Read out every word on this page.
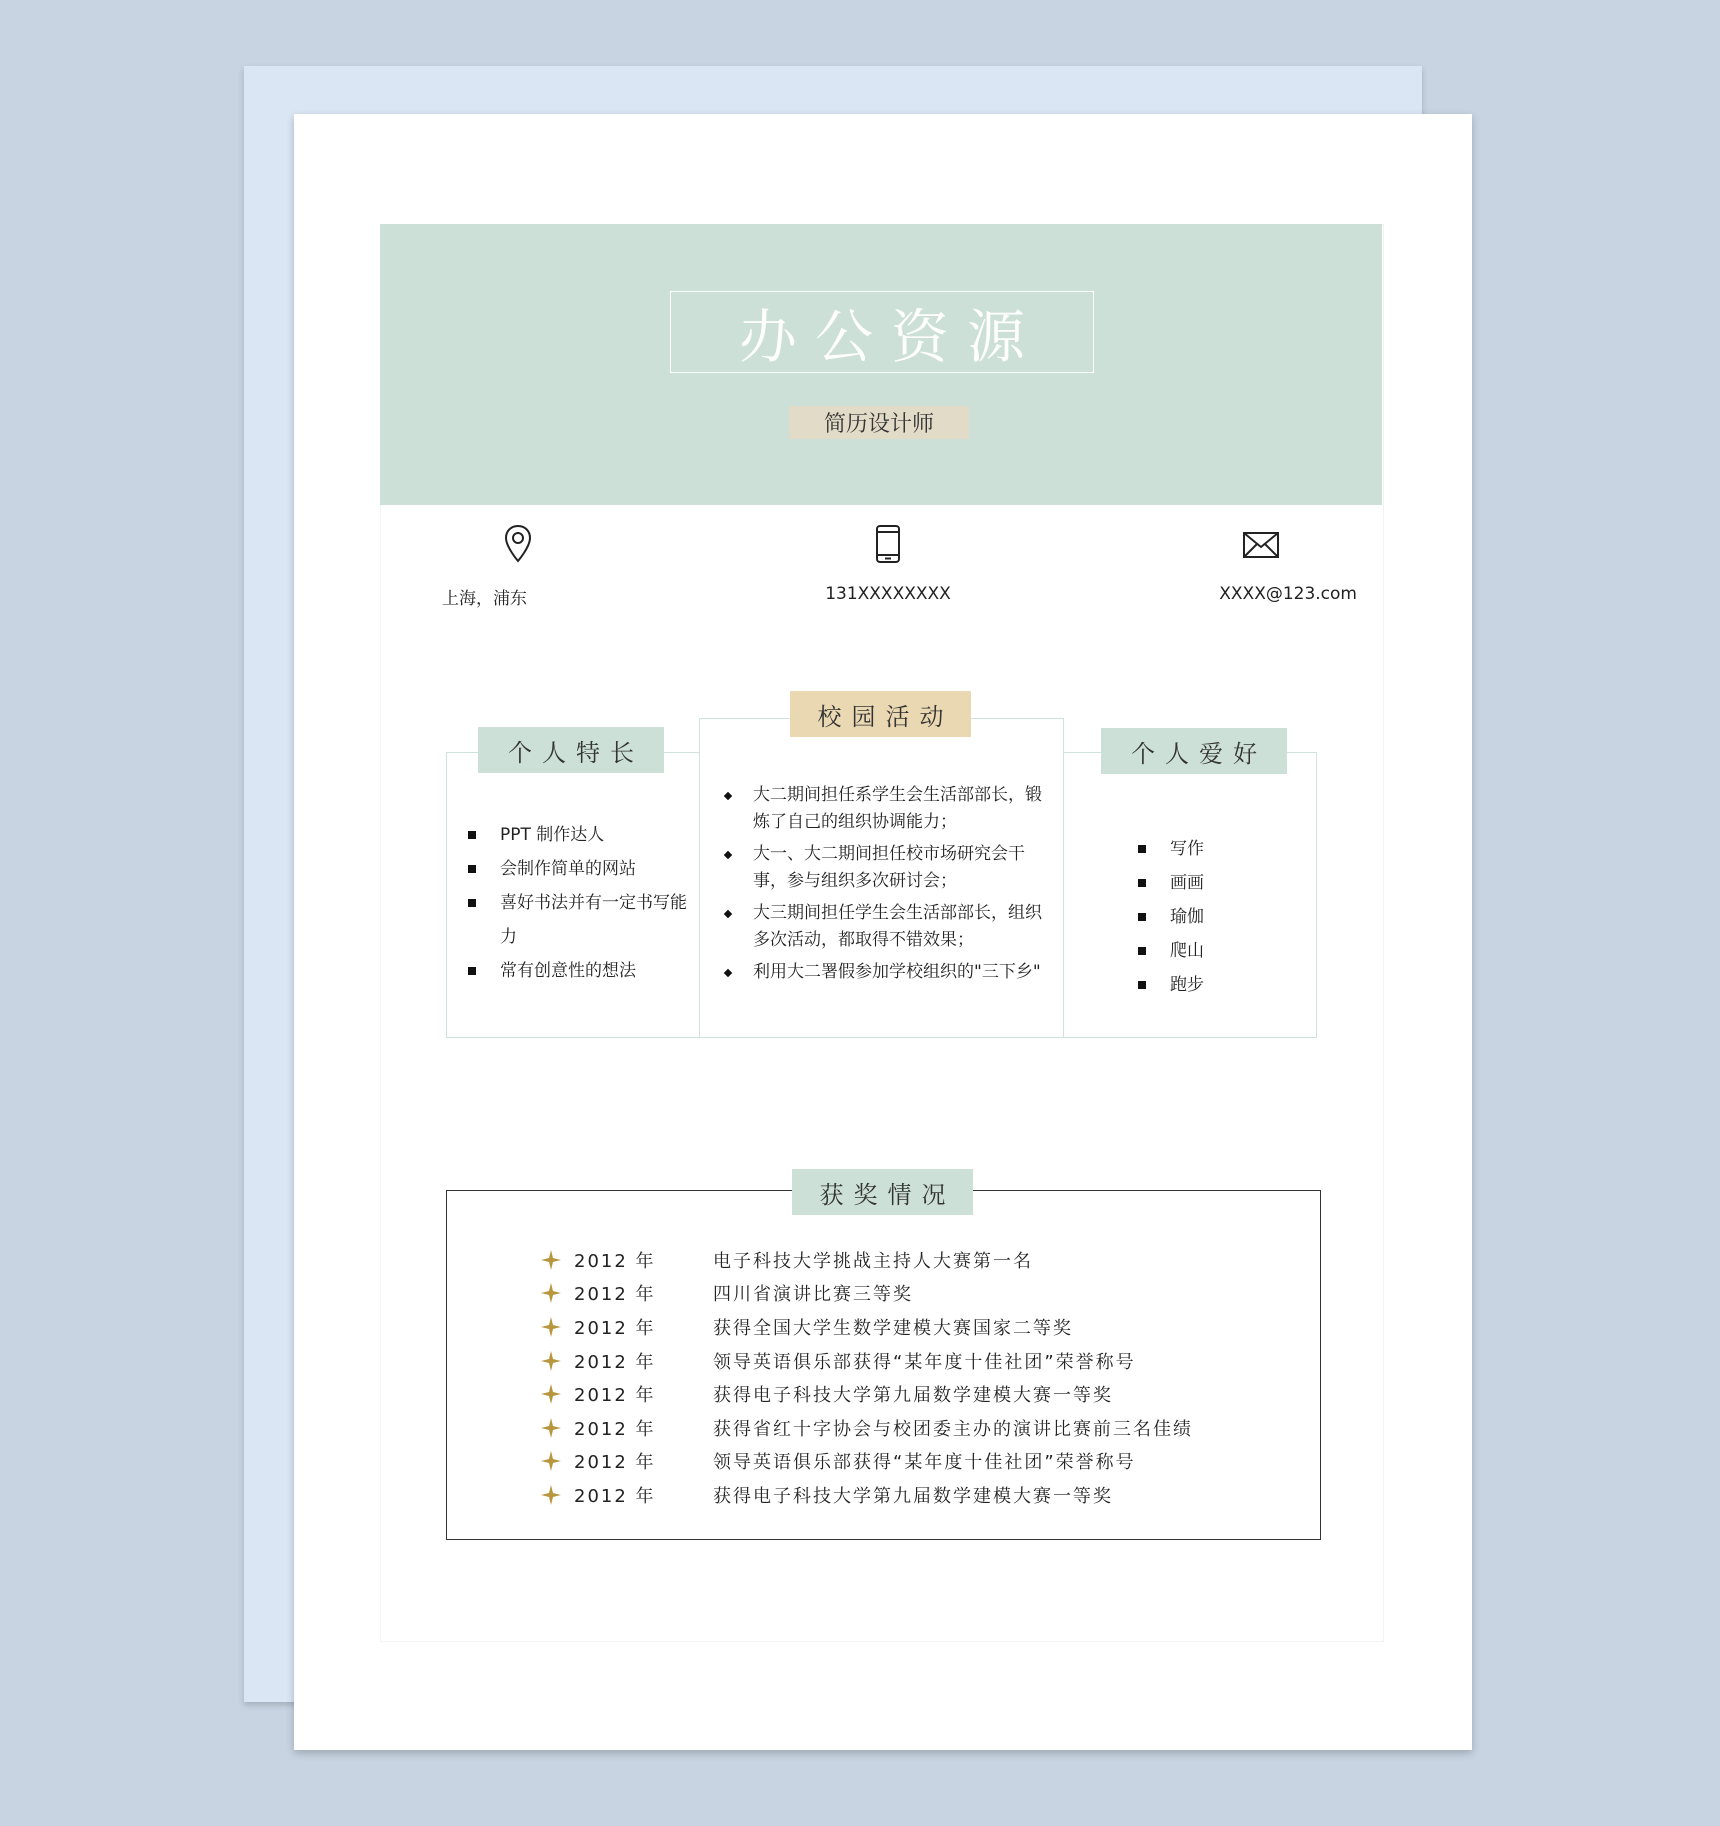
办公资源
简历设计师
上海，浦东	131XXXXXXXX	XXXX@123.com
个人特长
校园活动
个人爱好
PPT 制作达人
会制作简单的网站
喜好书法并有一定书写能力
常有创意性的想法
大二期间担任系学生会生活部部长，锻炼了自己的组织协调能力；
大一、大二期间担任校市场研究会干事，参与组织多次研讨会；
大三期间担任学生会生活部部长，组织多次活动，都取得不错效果；
利用大二署假参加学校组织的"三下乡"
写作
画画
瑜伽
爬山
跑步
获奖情况
2012 年	电子科技大学挑战主持人大赛第一名
2012 年	四川省演讲比赛三等奖
2012 年	获得全国大学生数学建模大赛国家二等奖
2012 年	领导英语俱乐部获得“某年度十佳社团”荣誉称号
2012 年	获得电子科技大学第九届数学建模大赛一等奖
2012 年	获得省红十字协会与校团委主办的演讲比赛前三名佳绩
2012 年	领导英语俱乐部获得“某年度十佳社团”荣誉称号
2012 年	获得电子科技大学第九届数学建模大赛一等奖
